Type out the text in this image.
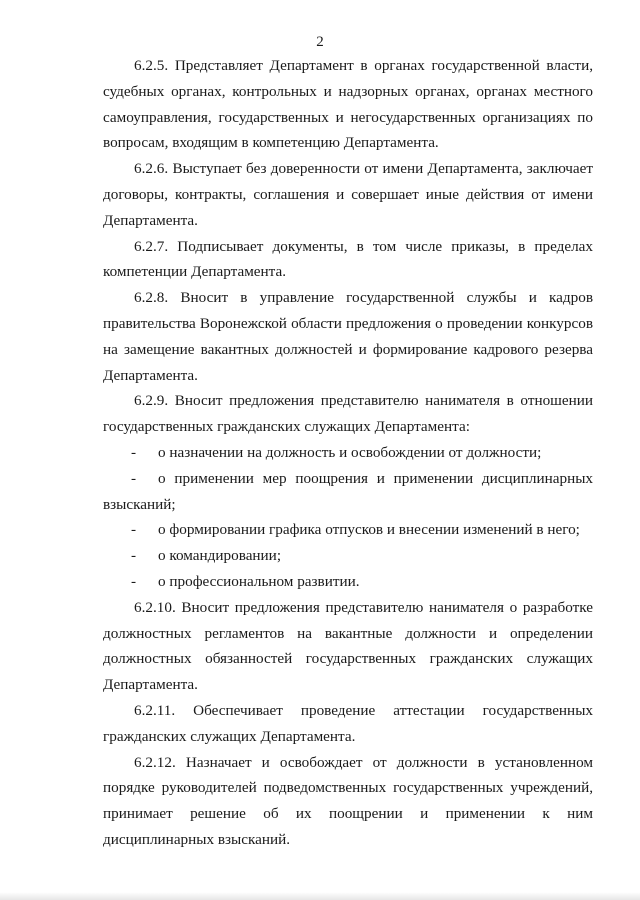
2

6.2.5. Представляет Департамент в органах государственной власти, судебных органах, контрольных и надзорных органах, органах местного самоуправления, государственных и негосударственных организациях по вопросам, входящим в компетенцию Департамента.

6.2.6. Выступает без доверенности от имени Департамента, заключает договоры, контракты, соглашения и совершает иные действия от имени Департамента.

6.2.7. Подписывает документы, в том числе приказы, в пределах компетенции Департамента.

6.2.8. Вносит в управление государственной службы и кадров правительства Воронежской области предложения о проведении конкурсов на замещение вакантных должностей и формирование кадрового резерва Департамента.

6.2.9. Вносит предложения представителю нанимателя в отношении государственных гражданских служащих Департамента:

-	о назначении на должность и освобождении от должности;
- о применении мер поощрения и применении дисциплинарных взысканий;
-	о формировании графика отпусков и внесении изменений в него;
-	о командировании;
-	о профессиональном развитии.

6.2.10. Вносит предложения представителю нанимателя о разработке должностных регламентов на вакантные должности и определении должностных обязанностей государственных гражданских служащих Департамента.

6.2.11. Обеспечивает проведение аттестации государственных гражданских служащих Департамента.

6.2.12. Назначает и освобождает от должности в установленном порядке руководителей подведомственных государственных учреждений, принимает решение об их поощрении и применении к ним дисциплинарных взысканий.
